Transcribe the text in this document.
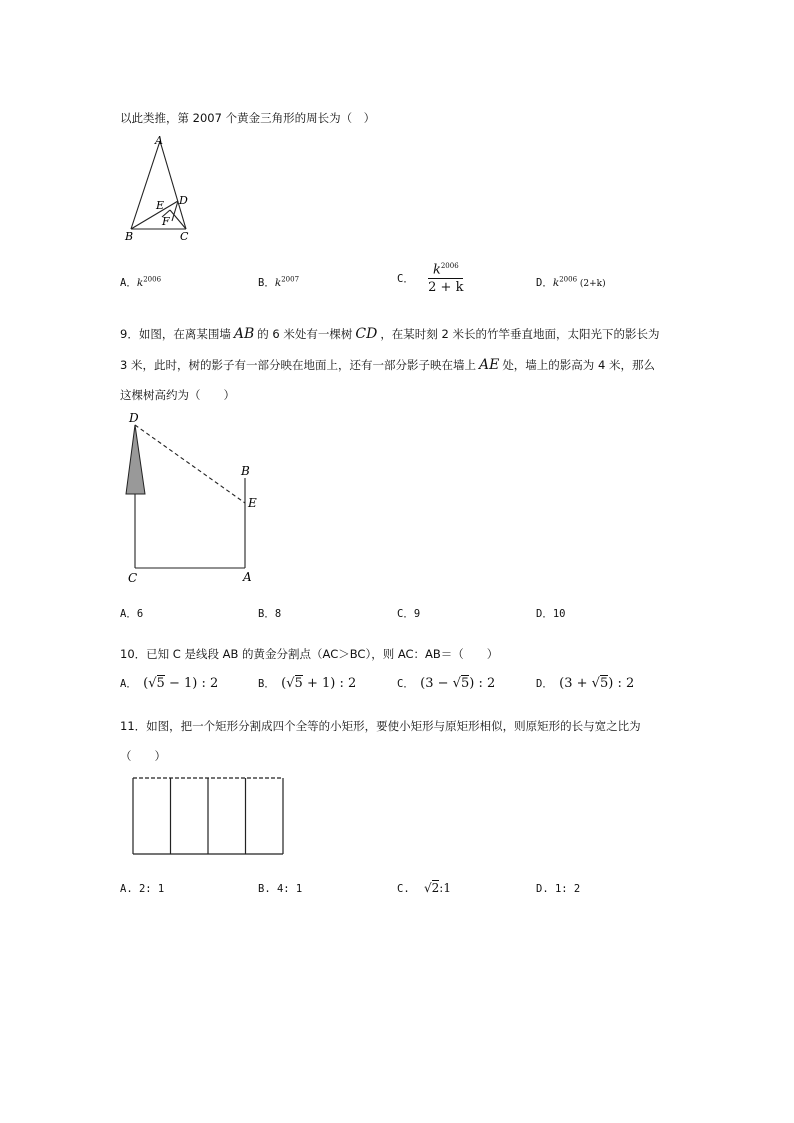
以此类推，第 2007 个黄金三角形的周长为（　）
A
D
E
F
B	C
A．$k^{2006}$	B．$k^{2007}$	C． $\frac{k^{2006}}{2 + k}$	D．$k^{2006}$ (2+k)
9．如图，在离某围墙 AB 的 6 米处有一棵树 CD ，在某时刻 2 米长的竹竿垂直地面，太阳光下的影长为
3 米，此时，树的影子有一部分映在地面上，还有一部分影子映在墙上 AE 处，墙上的影高为 4 米，那么
这棵树高约为（　　）
D
B
E
C	A
A．6	B．8	C．9	D．10
10．已知 C 是线段 AB 的黄金分割点（AC＞BC），则 AC：AB＝（　　）
A． (√5 − 1) : 2	B． (√5 + 1) : 2	C． (3 − √5) : 2	D． (3 + √5) : 2
11．如图，把一个矩形分割成四个全等的小矩形，要使小矩形与原矩形相似，则原矩形的长与宽之比为
（　　）
A. 2: 1	B. 4: 1	C. √2:1	D. 1: 2
